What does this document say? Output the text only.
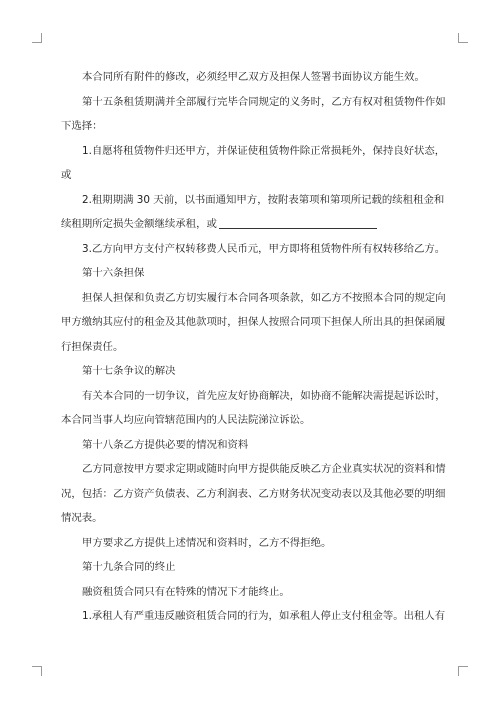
本合同所有附件的修改，必须经甲乙双方及担保人签署书面协议方能生效。
第十五条租赁期满并全部履行完毕合同规定的义务时，乙方有权对租赁物件作如
下选择：
1.自愿将租赁物件归还甲方，并保证使租赁物件除正常损耗外，保持良好状态，
或
2.租期期满 30 天前，以书面通知甲方，按附表第项和第项所记载的续租租金和
续租期所定损失金额继续承租，或
3.乙方向甲方支付产权转移费人民币元，甲方即将租赁物件所有权转移给乙方。
第十六条担保
担保人担保和负责乙方切实履行本合同各项条款，如乙方不按照本合同的规定向
甲方缴纳其应付的租金及其他款项时，担保人按照合同项下担保人所出具的担保函履
行担保责任。
第十七条争议的解决
有关本合同的一切争议，首先应友好协商解决，如协商不能解决需提起诉讼时，
本合同当事人均应向管辖范围内的人民法院涕泣诉讼。
第十八条乙方提供必要的情况和资料
乙方同意按甲方要求定期或随时向甲方提供能反映乙方企业真实状况的资料和情
况，包括：乙方资产负债表、乙方利润表、乙方财务状况变动表以及其他必要的明细
情况表。
甲方要求乙方提供上述情况和资料时，乙方不得拒绝。
第十九条合同的终止
融资租赁合同只有在特殊的情况下才能终止。
1.承租人有严重违反融资租赁合同的行为，如承租人停止支付租金等。出租人有
